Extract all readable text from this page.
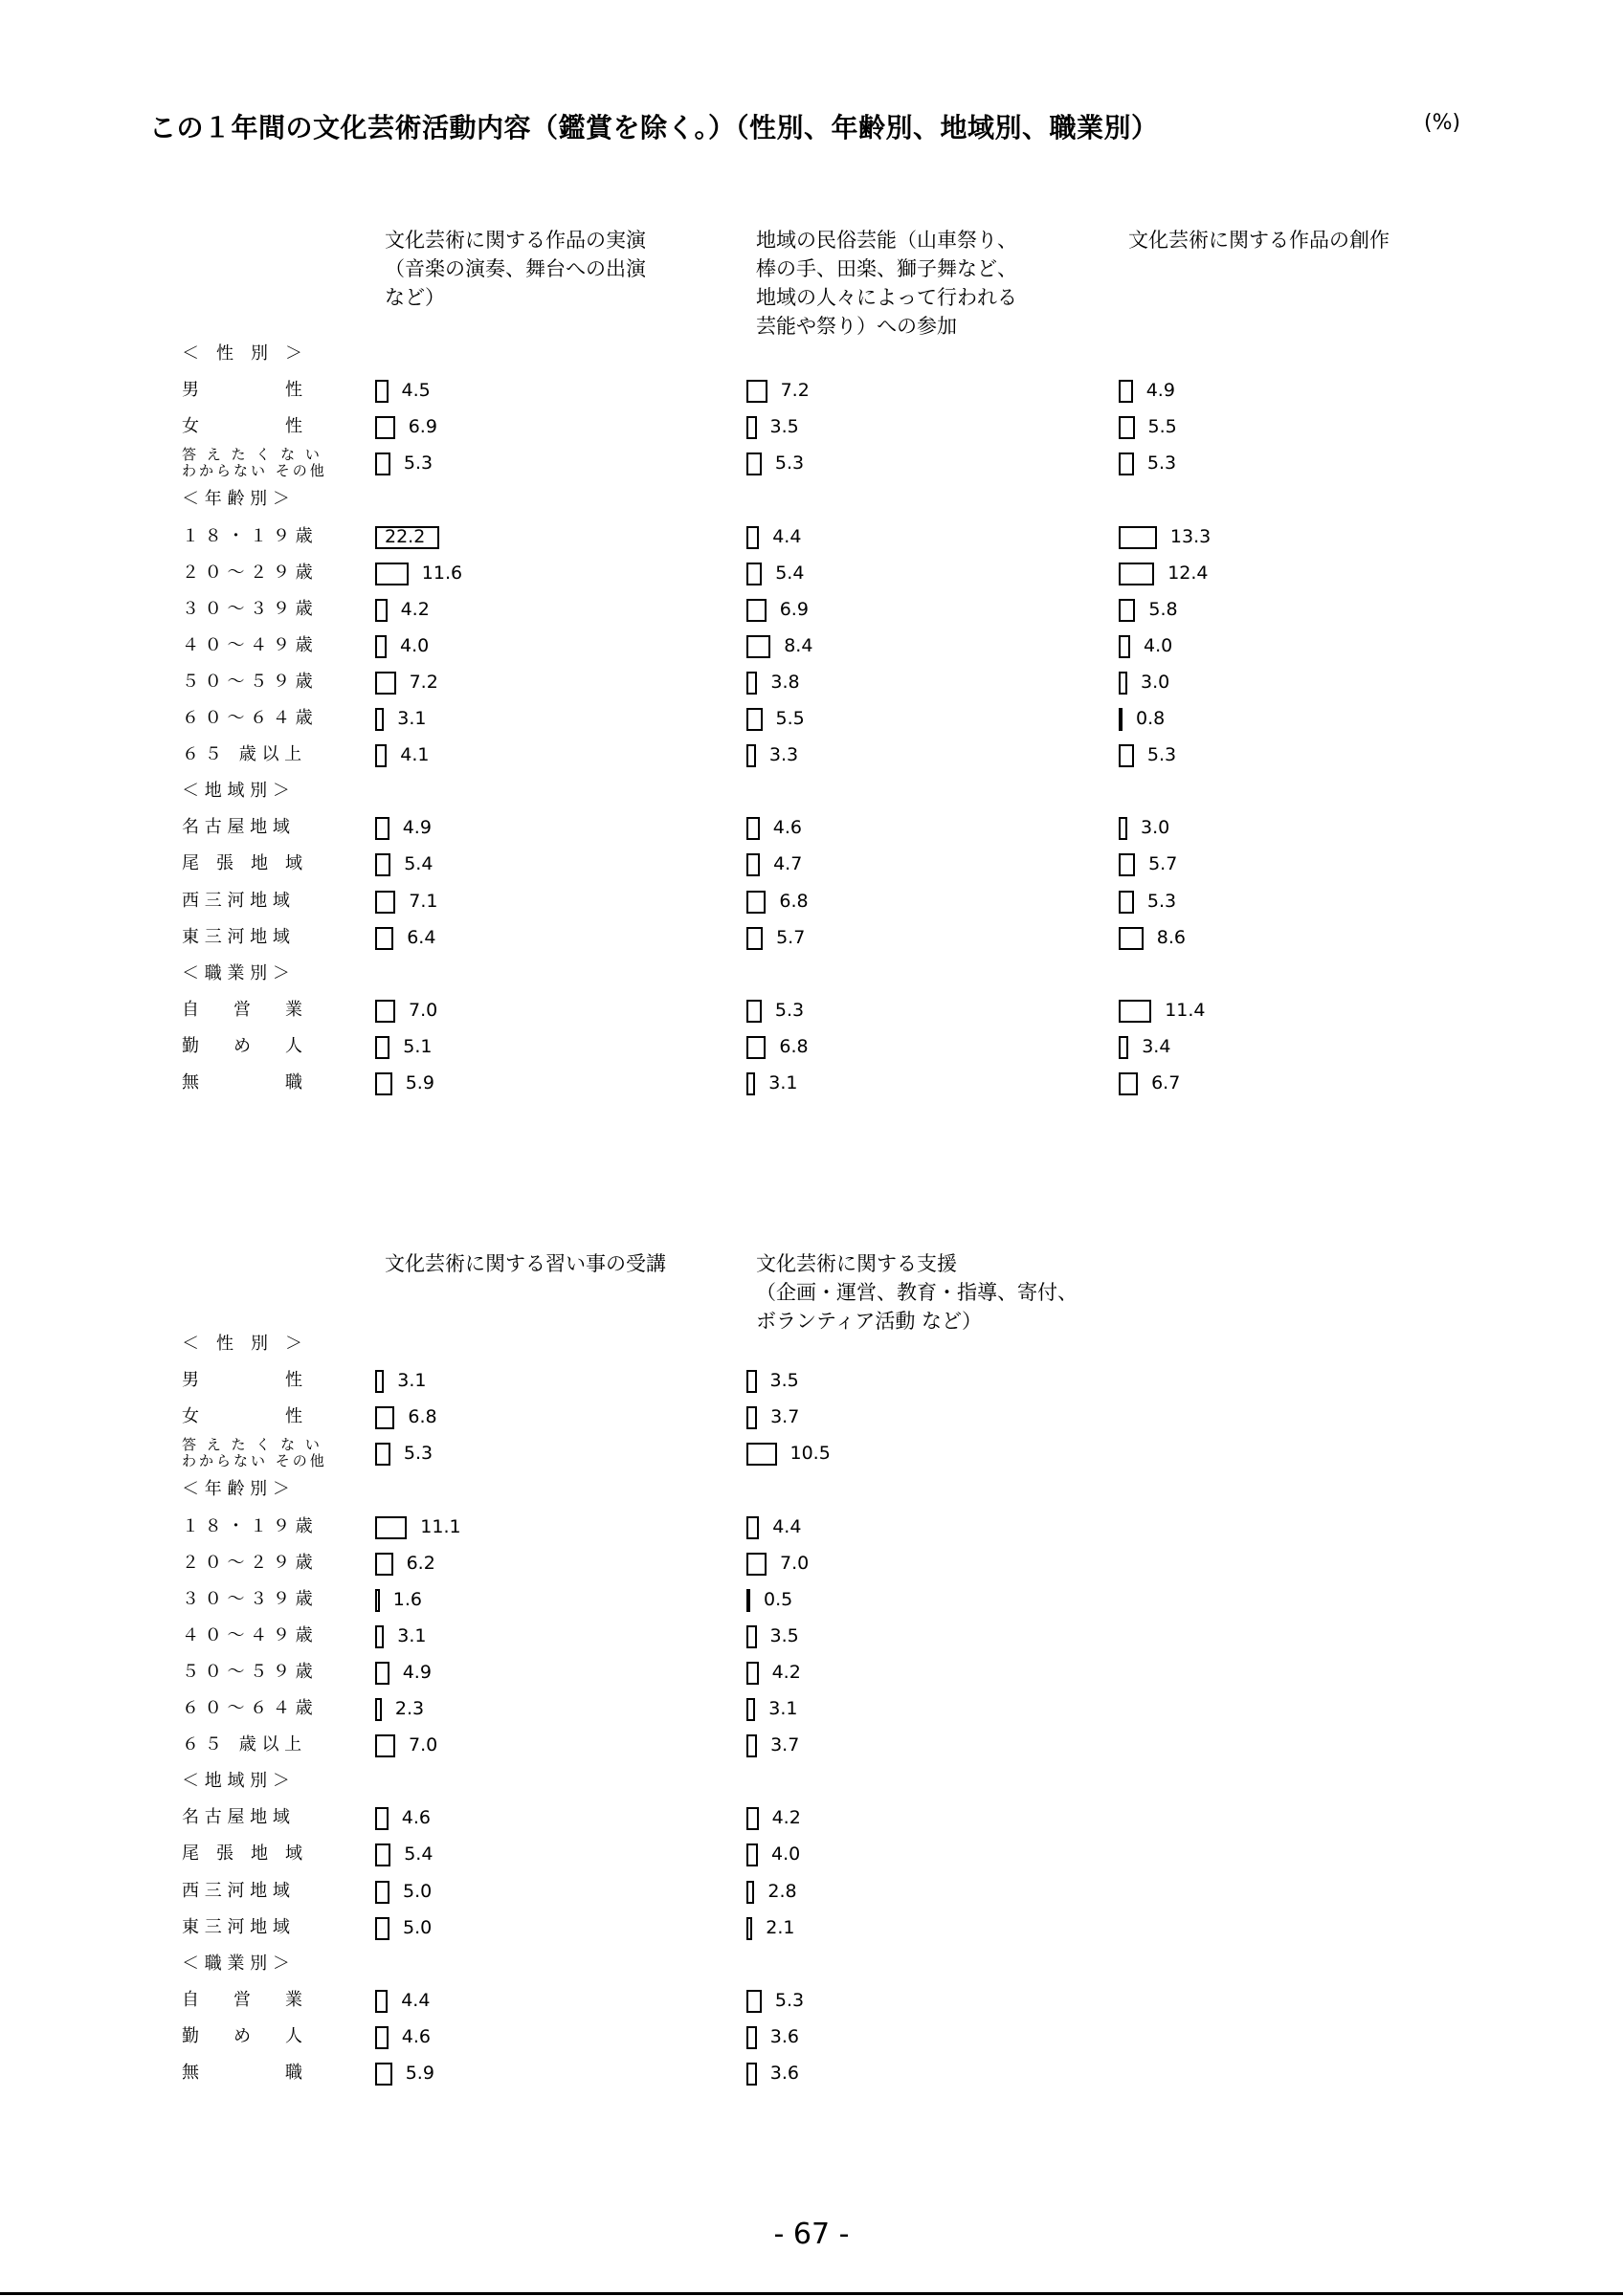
この１年間の文化芸術活動内容（鑑賞を除く。）（性別、年齢別、地域別、職業別）	(%)
＜　性　別　＞
男　　　　　性
女　　　　　性
答 え た く な い
わからない その他
＜ 年 齢 別 ＞
１ ８ ・ １ ９ 歳
２ ０ ～ ２ ９ 歳
３ ０ ～ ３ ９ 歳
４ ０ ～ ４ ９ 歳
５ ０ ～ ５ ９ 歳
６ ０ ～ ６ ４ 歳
６ ５　歳 以 上
＜ 地 域 別 ＞
名 古 屋 地 域
尾　張　地　域
西 三 河 地 域
東 三 河 地 域
＜ 職 業 別 ＞
自　　営　　業
勤　　め　　人
無　　　　　職
＜　性　別　＞
男　　　　　性
女　　　　　性
答 え た く な い
わからない その他
＜ 年 齢 別 ＞
１ ８ ・ １ ９ 歳
２ ０ ～ ２ ９ 歳
３ ０ ～ ３ ９ 歳
４ ０ ～ ４ ９ 歳
５ ０ ～ ５ ９ 歳
６ ０ ～ ６ ４ 歳
６ ５　歳 以 上
＜ 地 域 別 ＞
名 古 屋 地 域
尾　張　地　域
西 三 河 地 域
東 三 河 地 域
＜ 職 業 別 ＞
自　　営　　業
勤　　め　　人
無　　　　　職
文化芸術に関する作品の実演
（音楽の演奏、舞台への出演
など）
4.5
6.9
5.3
22.2
11.6
4.2
4.0
7.2
3.1
4.1
4.9
5.4
7.1
6.4
7.0
5.1
5.9
地域の民俗芸能（山車祭り、
棒の手、田楽、獅子舞など、
地域の人々によって行われる
芸能や祭り）への参加
7.2
3.5
5.3
4.4
5.4
6.9
8.4
3.8
5.5
3.3
4.6
4.7
6.8
5.7
5.3
6.8
3.1
文化芸術に関する作品の創作
4.9
5.5
5.3
13.3
12.4
5.8
4.0
3.0
0.8
5.3
3.0
5.7
5.3
8.6
11.4
3.4
6.7
文化芸術に関する習い事の受講
3.1
6.8
5.3
11.1
6.2
1.6
3.1
4.9
2.3
7.0
4.6
5.4
5.0
5.0
4.4
4.6
5.9
文化芸術に関する支援
（企画・運営、教育・指導、寄付、
ボランティア活動 など）
3.5
3.7
10.5
4.4
7.0
0.5
3.5
4.2
3.1
3.7
4.2
4.0
2.8
2.1
5.3
3.6
3.6
- 67 -
